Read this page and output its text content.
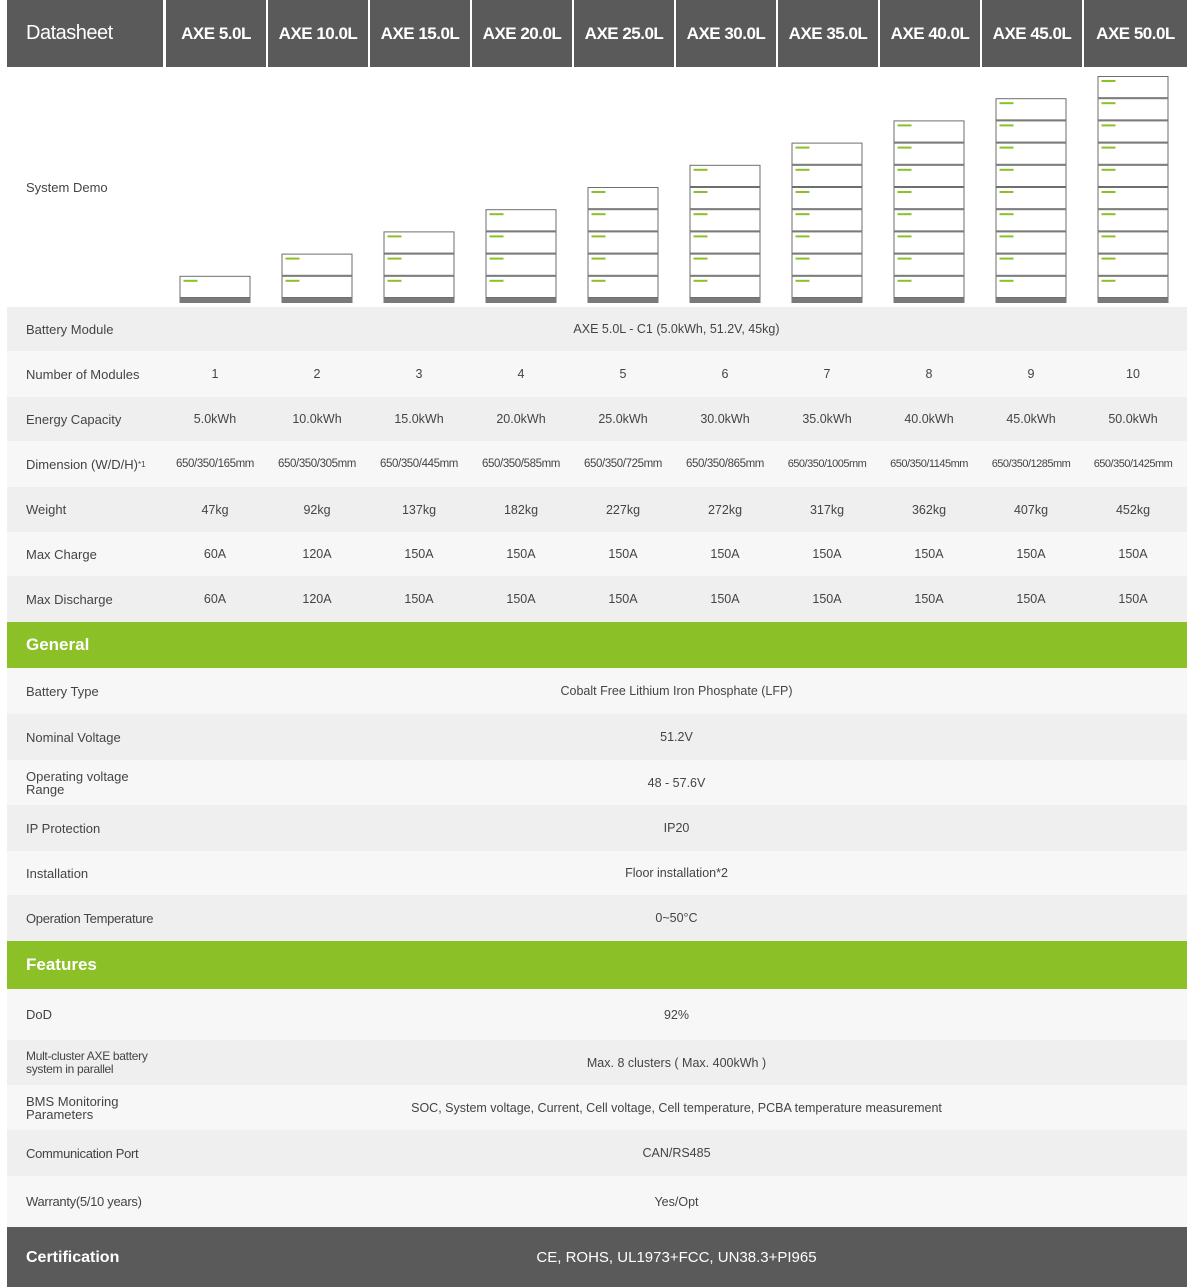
Datasheet	AXE 5.0L	AXE 10.0L	AXE 15.0L	AXE 20.0L	AXE 25.0L	AXE 30.0L	AXE 35.0L	AXE 40.0L	AXE 45.0L	AXE 50.0L
System Demo
Battery Module	AXE 5.0L - C1 (5.0kWh, 51.2V, 45kg)
Number of Modules	1	2	3	4	5	6	7	8	9	10
Energy Capacity	5.0kWh	10.0kWh	15.0kWh	20.0kWh	25.0kWh	30.0kWh	35.0kWh	40.0kWh	45.0kWh	50.0kWh
Dimension (W/D/H) *1	650/350/165mm	650/350/305mm	650/350/445mm	650/350/585mm	650/350/725mm	650/350/865mm	650/350/1005mm	650/350/1145mm	650/350/1285mm	650/350/1425mm
Weight	47kg	92kg	137kg	182kg	227kg	272kg	317kg	362kg	407kg	452kg
Max Charge	60A	120A	150A	150A	150A	150A	150A	150A	150A	150A
Max Discharge	60A	120A	150A	150A	150A	150A	150A	150A	150A	150A
General
Battery Type	Cobalt Free Lithium Iron Phosphate (LFP)
Nominal Voltage	51.2V
Operating voltage Range	48 - 57.6V
IP Protection	IP20
Installation	Floor installation*2
Operation Temperature	0~50°C
Features
DoD	92%
Mult-cluster AXE battery system in parallel	Max. 8 clusters ( Max. 400kWh )
BMS Monitoring Parameters	SOC, System voltage, Current, Cell voltage, Cell temperature, PCBA temperature measurement
Communication Port	CAN/RS485
Warranty(5/10 years)	Yes/Opt
Certification	CE, ROHS, UL1973+FCC, UN38.3+PI965
